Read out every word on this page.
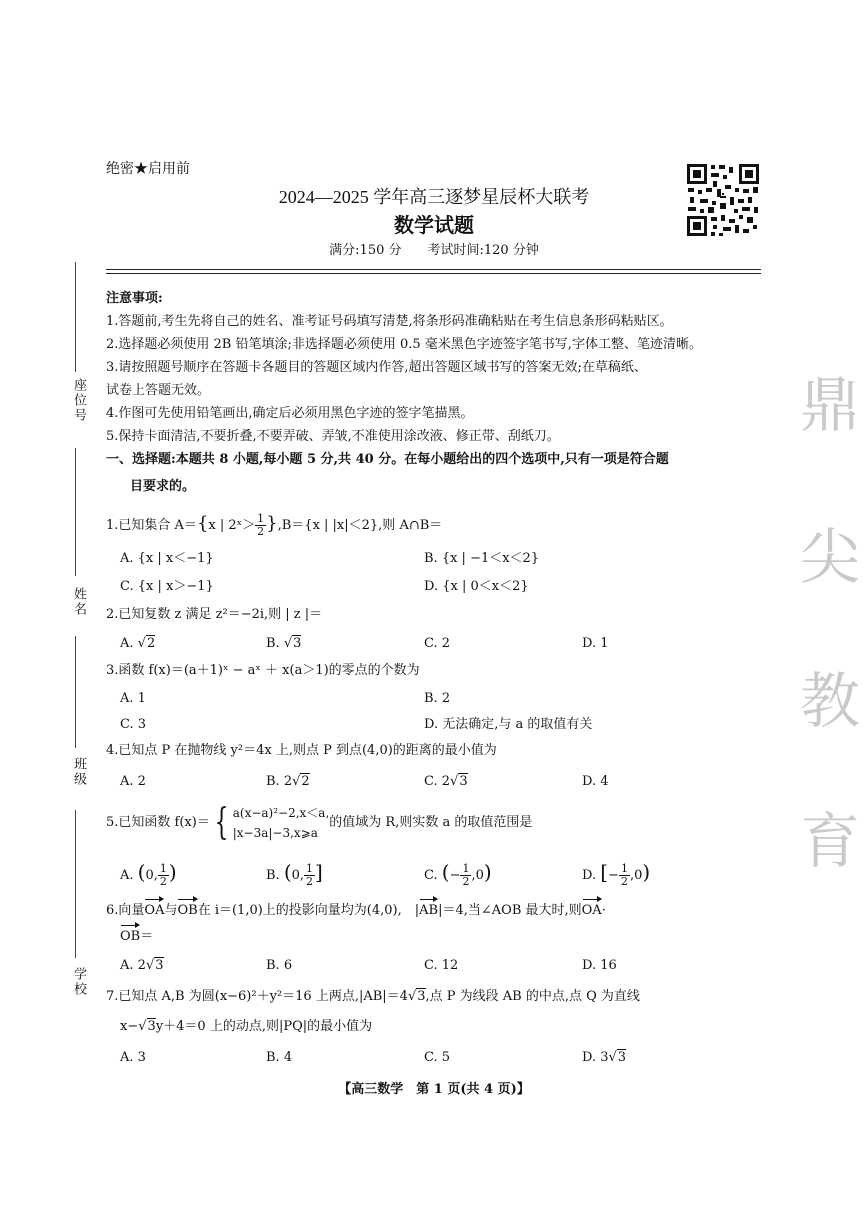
绝密★启用前
2024—2025 学年高三逐梦星辰杯大联考
数学试题
满分:150 分　　考试时间:120 分钟
座位号
姓名
班级
学校
鼎
尖
教
育
注意事项:
1.答题前,考生先将自己的姓名、准考证号码填写清楚,将条形码准确粘贴在考生信息条形码粘贴区。
2.选择题必须使用 2B 铅笔填涂;非选择题必须使用 0.5 毫米黑色字迹签字笔书写,字体工整、笔迹清晰。
3.请按照题号顺序在答题卡各题目的答题区域内作答,超出答题区域书写的答案无效;在草稿纸、
试卷上答题无效。
4.作图可先使用铅笔画出,确定后必须用黑色字迹的签字笔描黑。
5.保持卡面清洁,不要折叠,不要弄破、弄皱,不准使用涂改液、修正带、刮纸刀。
一、选择题:本题共 8 小题,每小题 5 分,共 40 分。在每小题给出的四个选项中,只有一项是符合题
目要求的。
1.已知集合 A＝{x | 2ˣ＞ $\frac{1}{2} \},B=\{x$ | |x|＜2},则 A∩B＝
A. {x | x＜−1}	B. {x | −1＜x＜2}
C. {x | x＞−1}	D. {x | 0＜x＜2}
2.已知复数 z 满足 z²＝−2i,则 | z |＝
A. √2	B. √3	C. 2	D. 1
3.函数 f(x)＝(a＋1)ˣ − aˣ ＋ x(a＞1)的零点的个数为
A. 1	B. 2
C. 3	D. 无法确定,与 a 的取值有关
4.已知点 P 在抛物线 y²＝4x 上,则点 P 到点(4,0)的距离的最小值为
A. 2	B. 2√2	C. 2√3	D. 4
5.已知函数 f(x)＝ { a(x−a)²−2,x＜a,
|x−3a|−3,x⩾a
的值域为 R,则实数 a 的取值范围是
A. (0, $\frac{1}{2}$ )	B. (0, $\frac{1}{2}$ ]	C. (− $\frac{1}{2} ,0$)	D. [− $\frac{1}{2} ,0$)
6.向量OA与OB在 i＝(1,0)上的投影向量均为(4,0),　|AB|＝4,当∠AOB 最大时,则OA·
OB＝
A. 2√3	B. 6	C. 12	D. 16
7.已知点 A,B 为圆(x−6)²＋y²＝16 上两点,|AB|＝4√3,点 P 为线段 AB 的中点,点 Q 为直线
x−√3y＋4＝0 上的动点,则|PQ|的最小值为
A. 3	B. 4	C. 5	D. 3√3
【高三数学　第 1 页(共 4 页)】
